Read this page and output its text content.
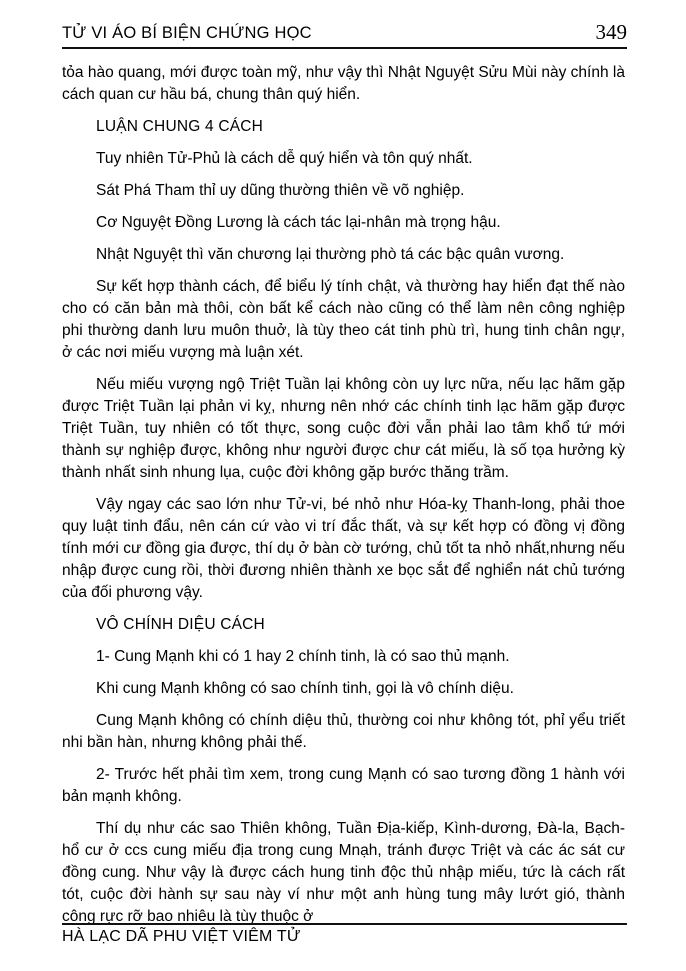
TỬ VI ÁO BÍ BIỆN CHỨNG HỌC	349

tỏa hào quang, mới được toàn mỹ, như vậy thì Nhật Nguyệt Sửu Mùi này chính là cách quan cư hầu bá, chung thân quý hiển.

LUẬN CHUNG 4 CÁCH

Tuy nhiên Tử-Phủ là cách dễ quý hiển và tôn quý nhất.

Sát Phá Tham thỉ uy dũng thường thiên về võ nghiệp.

Cơ Nguyệt Đồng Lương là cách tác lại-nhân mà trọng hậu.

Nhật Nguyệt thì văn chương lại thường phò tá các bậc quân vương.

Sự kết hợp thành cách, để biểu lý tính chật, và thường hay hiển đạt thế nào cho có căn bản mà thôi, còn bất kể cách nào cũng có thể làm nên công nghiệp phi thường danh lưu muôn thuở, là tùy theo cát tinh phù trì, hung tinh chân ngự, ở các nơi miếu vượng mà luận xét.

Nếu miếu vượng ngộ Triệt Tuần lại không còn uy lực nữa, nếu lạc hãm gặp được Triệt Tuần lại phản vi kỵ, nhưng nên nhớ các chính tinh lạc hãm gặp được Triệt Tuần, tuy nhiên có tốt thực, song cuộc đời vẫn phải lao tâm khổ tứ mới thành sự nghiệp được, không như người được chư cát miếu, là số tọa hưởng kỳ thành nhất sinh nhung lụa, cuộc đời không gặp bước thăng trầm.

Vậy ngay các sao lớn như Tử-vi, bé nhỏ như Hóa-kỵ Thanh-long, phải thoe quy luật tinh đẩu, nên cán cứ vào vi trí đắc thất, và sự kết hợp có đồng vị đồng tính mới cư đồng gia được, thí dụ ở bàn cờ tướng, chủ tốt ta nhỏ nhất,nhưng nếu nhập được cung rồi, thời đương nhiên thành xe bọc sắt để nghiển nát chủ tướng của đối phương vậy.

VÔ CHÍNH DIỆU CÁCH

1- Cung Mạnh khi có 1 hay 2 chính tinh, là có sao thủ mạnh.

Khi cung Mạnh không có sao chính tinh, gọi là vô chính diệu.

Cung Mạnh không có chính diệu thủ, thường coi như không tót, phỉ yểu triết nhi bần hàn, nhưng không phải thế.

2- Trước hết phải tìm xem, trong cung Mạnh có sao tương đồng 1 hành với bản mạnh không.

Thí dụ như các sao Thiên không, Tuần Địa-kiếp, Kình-dương, Đà-la, Bạch-hổ cư ở ccs cung miếu địa trong cung Mnạh, tránh được Triệt và các ác sát cư đồng cung. Như vậy là được cách hung tinh độc thủ nhập miếu, tức là cách rất tót, cuộc đời hành sự sau này ví như một anh hùng tung mây lướt gió, thành công rực rỡ bao nhiêu là tùy thuộc ở

HÀ LẠC DÃ PHU VIỆT VIÊM TỬ
